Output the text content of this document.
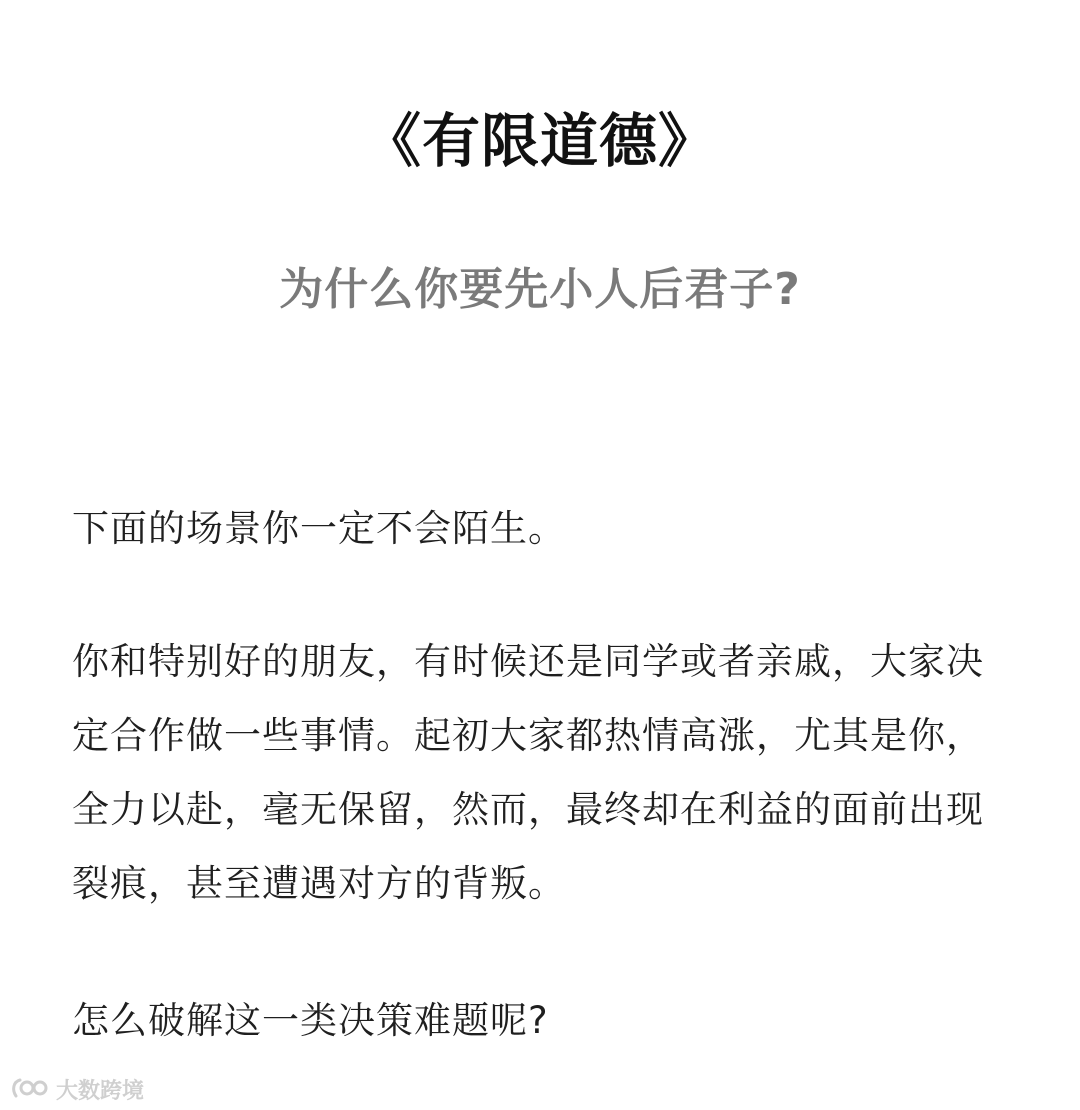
《有限道德》
为什么你要先小人后君子?

下面的场景你一定不会陌生。

你和特别好的朋友，有时候还是同学或者亲戚，大家决定合作做一些事情。起初大家都热情高涨，尤其是你，全力以赴，毫无保留，然而，最终却在利益的面前出现裂痕，甚至遭遇对方的背叛。

怎么破解这一类决策难题呢?

大数跨境
